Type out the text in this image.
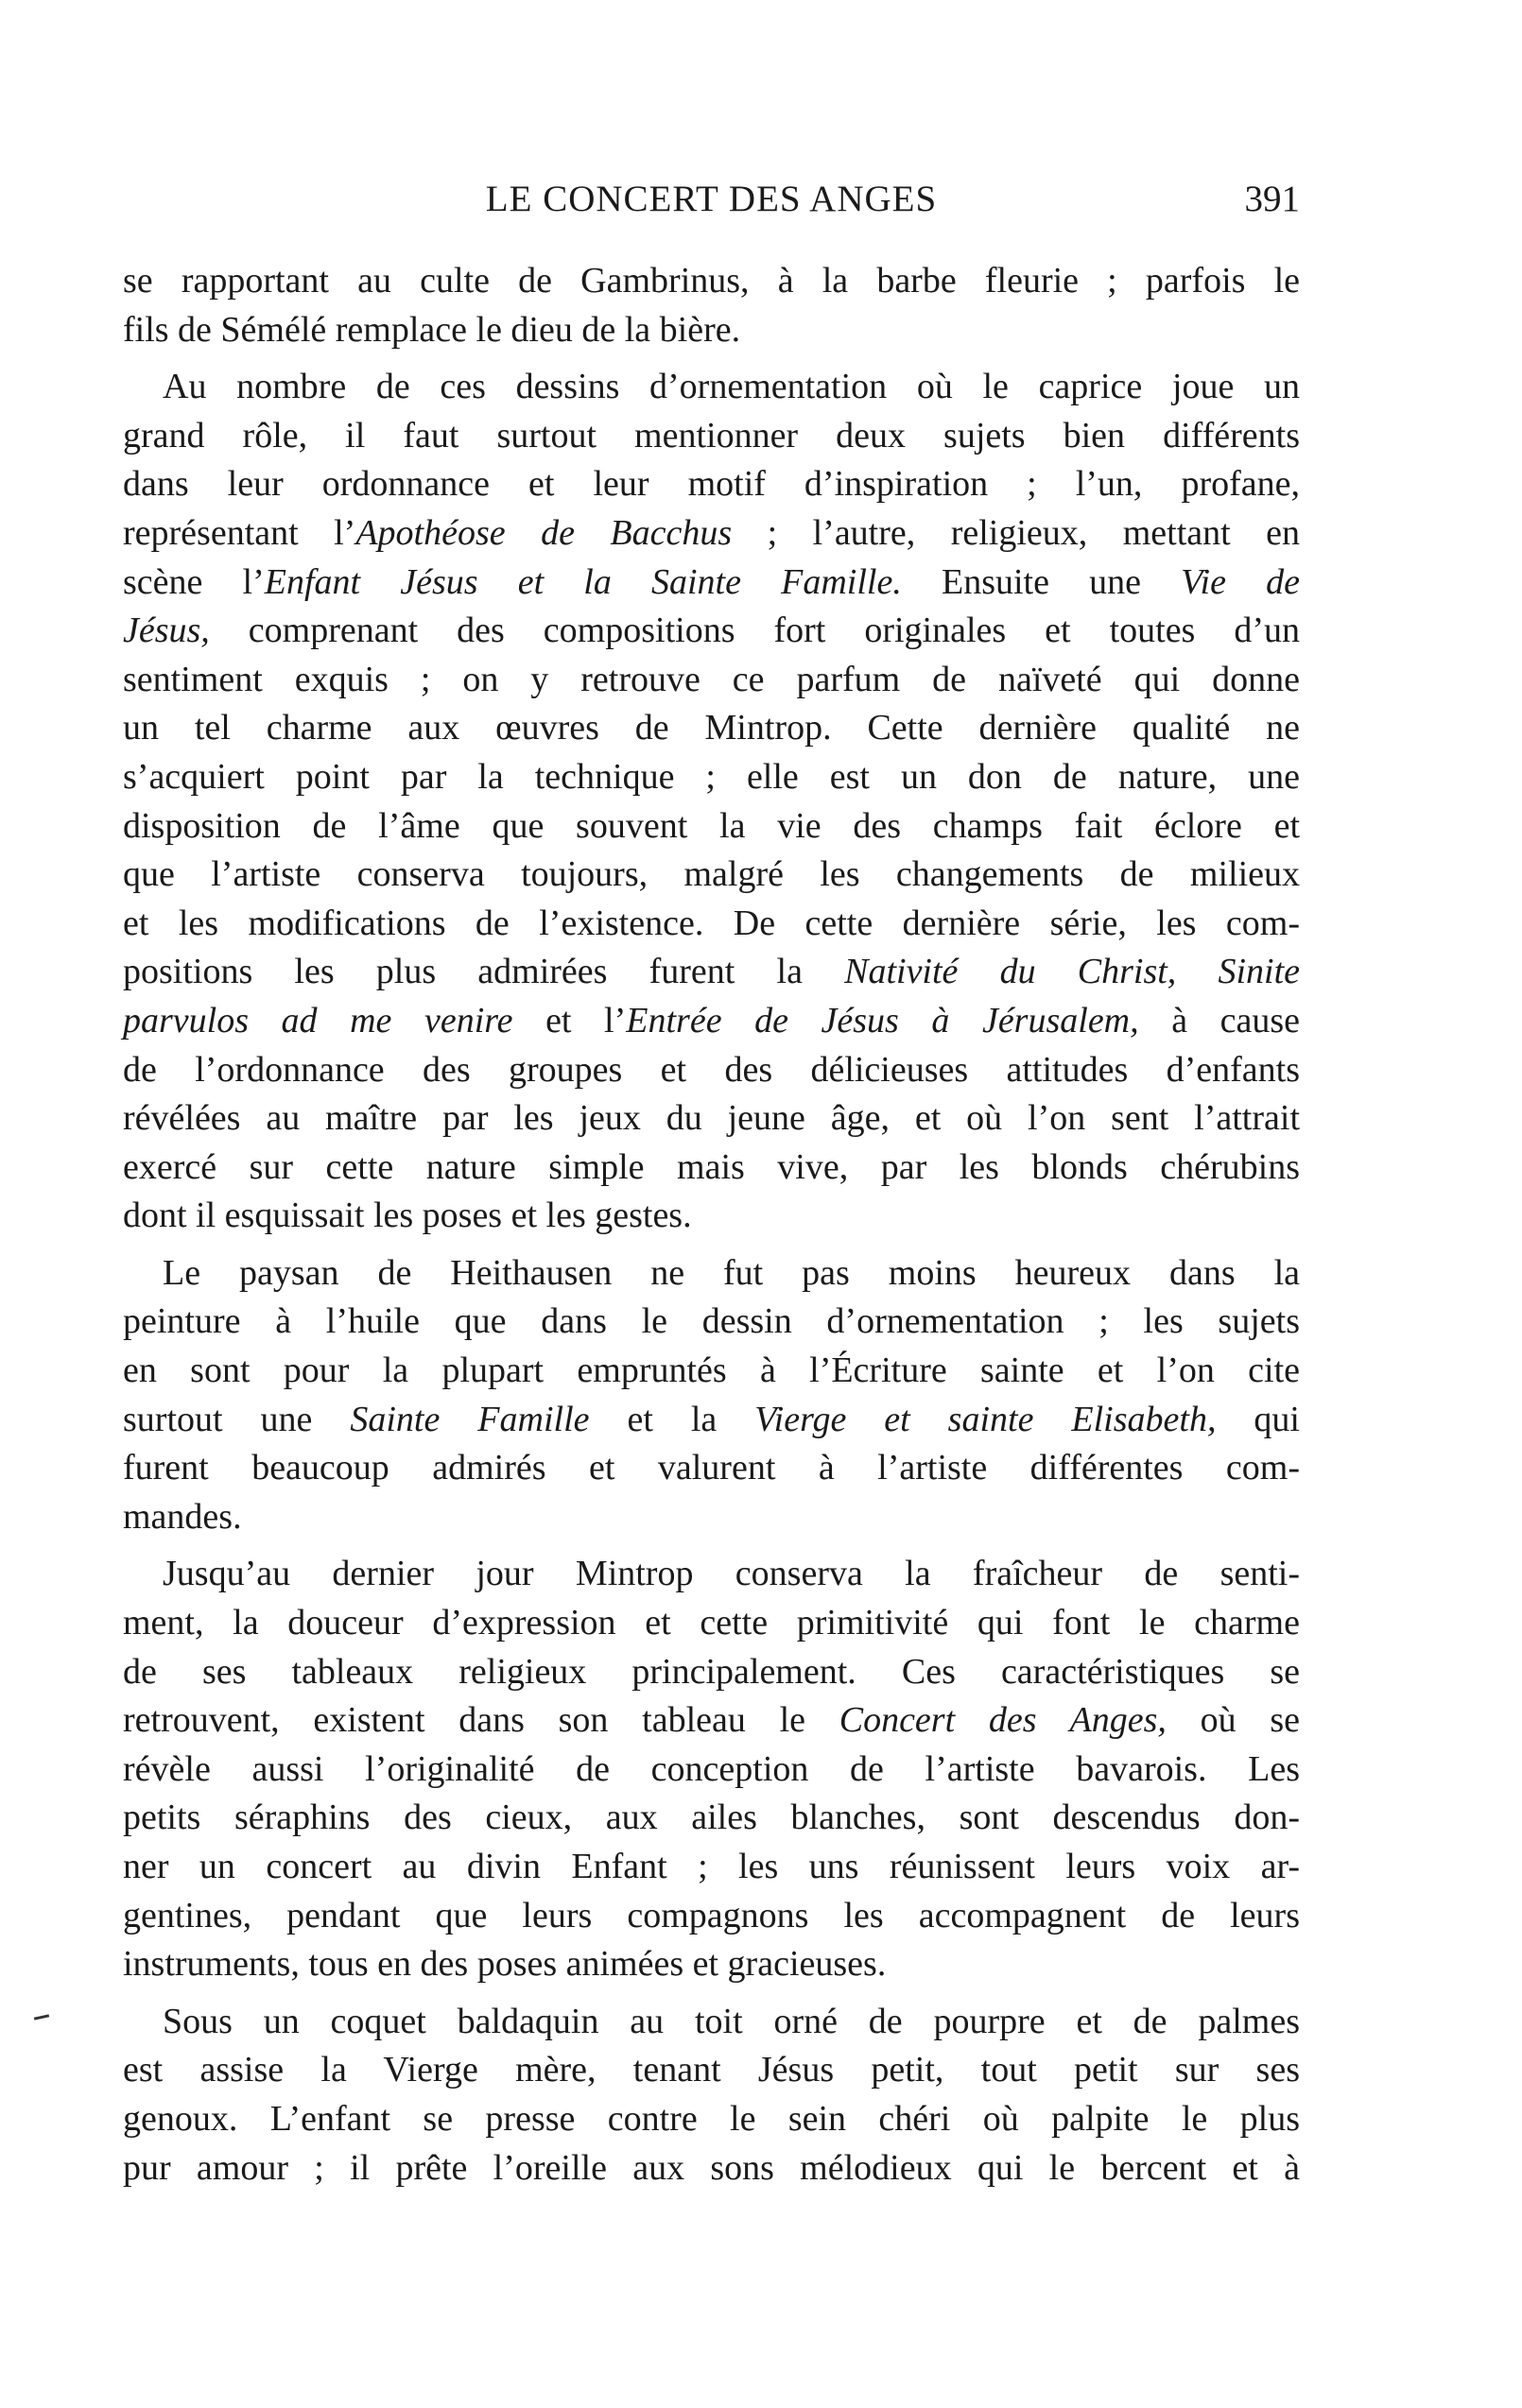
LE CONCERT DES ANGES	391
se rapportant au culte de Gambrinus, à la barbe fleurie ; parfois le
fils de Sémélé remplace le dieu de la bière.
Au nombre de ces dessins d’ornementation où le caprice joue un
grand rôle, il faut surtout mentionner deux sujets bien différents
dans leur ordonnance et leur motif d’inspiration ; l’un, profane,
représentant l’Apothéose de Bacchus ; l’autre, religieux, mettant en
scène l’Enfant Jésus et la Sainte Famille. Ensuite une Vie de
Jésus, comprenant des compositions fort originales et toutes d’un
sentiment exquis ; on y retrouve ce parfum de naïveté qui donne
un tel charme aux œuvres de Mintrop. Cette dernière qualité ne
s’acquiert point par la technique ; elle est un don de nature, une
disposition de l’âme que souvent la vie des champs fait éclore et
que l’artiste conserva toujours, malgré les changements de milieux
et les modifications de l’existence. De cette dernière série, les com-
positions les plus admirées furent la Nativité du Christ, Sinite
parvulos ad me venire et l’Entrée de Jésus à Jérusalem, à cause
de l’ordonnance des groupes et des délicieuses attitudes d’enfants
révélées au maître par les jeux du jeune âge, et où l’on sent l’attrait
exercé sur cette nature simple mais vive, par les blonds chérubins
dont il esquissait les poses et les gestes.
Le paysan de Heithausen ne fut pas moins heureux dans la
peinture à l’huile que dans le dessin d’ornementation ; les sujets
en sont pour la plupart empruntés à l’Écriture sainte et l’on cite
surtout une Sainte Famille et la Vierge et sainte Elisabeth, qui
furent beaucoup admirés et valurent à l’artiste différentes com-
mandes.
Jusqu’au dernier jour Mintrop conserva la fraîcheur de senti-
ment, la douceur d’expression et cette primitivité qui font le charme
de ses tableaux religieux principalement. Ces caractéristiques se
retrouvent, existent dans son tableau le Concert des Anges, où se
révèle aussi l’originalité de conception de l’artiste bavarois. Les
petits séraphins des cieux, aux ailes blanches, sont descendus don-
ner un concert au divin Enfant ; les uns réunissent leurs voix ar-
gentines, pendant que leurs compagnons les accompagnent de leurs
instruments, tous en des poses animées et gracieuses.
Sous un coquet baldaquin au toit orné de pourpre et de palmes
est assise la Vierge mère, tenant Jésus petit, tout petit sur ses
genoux. L’enfant se presse contre le sein chéri où palpite le plus
pur amour ; il prête l’oreille aux sons mélodieux qui le bercent et à
